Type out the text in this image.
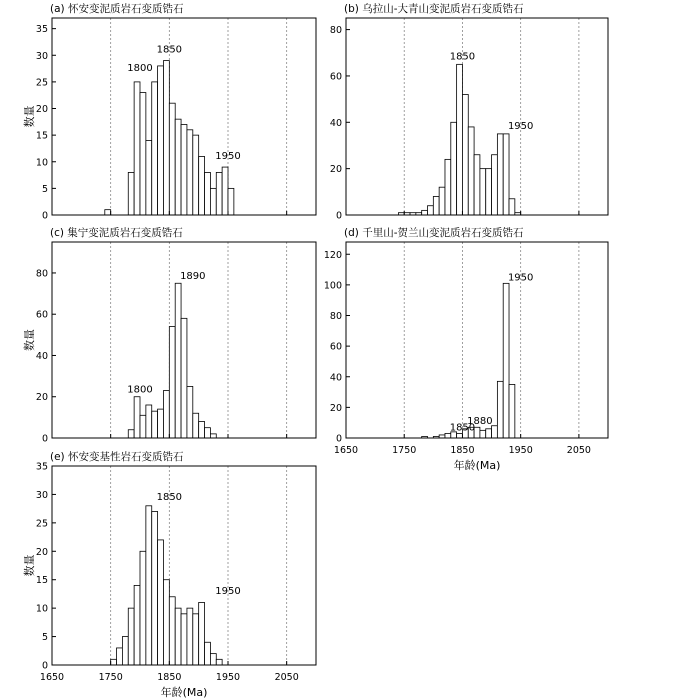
(a) 怀安变泥质岩石变质锆石
0
5
10
15
20
25
30
35
数量
1800
1850
1950
(b) 乌拉山-大青山变泥质岩石变质锆石
0
20
40
60
80
1850
1950
(c) 集宁变泥质岩石变质锆石
0
20
40
60
80
数量
1800
1890
(d) 千里山-贺兰山变泥质岩石变质锆石
0
20
40
60
80
100
120
1650	1750	1850	1950	2050
年龄(Ma)
1850
1880
1950
(e) 怀安变基性岩石变质锆石
0
5
10
15
20
25
30
35
1650	1750	1850	1950	2050
数量
年龄(Ma)
1850
1950
